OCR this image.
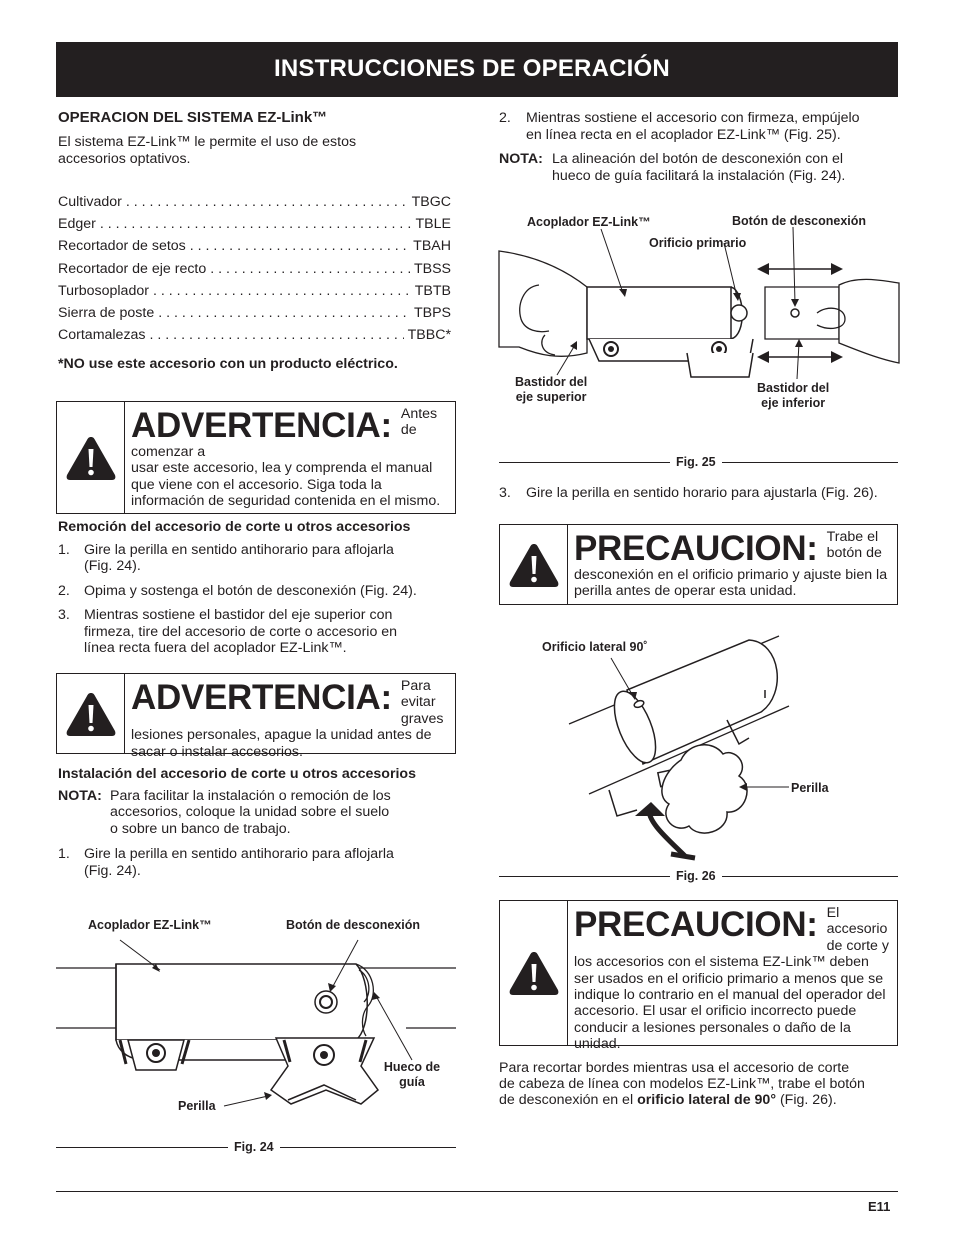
INSTRUCCIONES DE OPERACIÓN
OPERACION DEL SISTEMA EZ-Link™
El sistema EZ-Link™ le permite el uso de estos
accesorios optativos.
Cultivador . . .	TBGC
Edger . . .	TBLE
Recortador de setos . . .	TBAH
Recortador de eje recto . . .	TBSS
Turbosoplador . . .	TBTB
Sierra de poste . . .	TBPS
Cortamalezas . . .	TBBC*
*NO use este accesorio con un producto eléctrico.
ADVERTENCIA: Antes de
comenzar a
usar este accesorio, lea y comprenda el manual que viene con el accesorio. Siga toda la información de seguridad contenida en el mismo.
Remoción del accesorio de corte u otros accesorios
1. Gire la perilla en sentido antihorario para aflojarla
(Fig. 24).
2. Opima y sostenga el botón de desconexión (Fig. 24).
3. Mientras sostiene el bastidor del eje superior con
firmeza, tire del accesorio de corte o accesorio en
línea recta fuera del acoplador EZ-Link™.
ADVERTENCIA: Para evitar
graves
lesiones personales, apague la unidad antes de sacar o instalar accesorios.
Instalación del accesorio de corte u otros accesorios
NOTA: Para facilitar la instalación o remoción de los
accesorios, coloque la unidad sobre el suelo
o sobre un banco de trabajo.
1. Gire la perilla en sentido antihorario para aflojarla
(Fig. 24).
Acoplador EZ-Link™	Botón de desconexión
Hueco de
guía
Perilla
Fig. 24
2. Mientras sostiene el accesorio con firmeza, empújelo
en línea recta en el acoplador EZ-Link™ (Fig. 25).
NOTA: La alineación del botón de desconexión con el
hueco de guía facilitará la instalación (Fig. 24).
Acoplador EZ-Link™	Botón de desconexión
Orificio primario
Bastidor del
eje superior
Bastidor del
eje inferior
Fig. 25
3. Gire la perilla en sentido horario para ajustarla (Fig. 26).
PRECAUCION: Trabe el
botón de
desconexión en el orificio primario y ajuste bien la perilla antes de operar esta unidad.
Orificio lateral 90˚
Perilla
Fig. 26
PRECAUCION: El accesorio
de corte y
los accesorios con el sistema EZ-Link™ deben ser usados en el orificio primario a menos que se indique lo contrario en el manual del operador del accesorio. El usar el orificio incorrecto puede conducir a lesiones personales o daño de la unidad.
Para recortar bordes mientras usa el accesorio de corte
de cabeza de línea con modelos EZ-Link™, trabe el botón
de desconexión en el orificio lateral de 90° (Fig. 26).
E11
